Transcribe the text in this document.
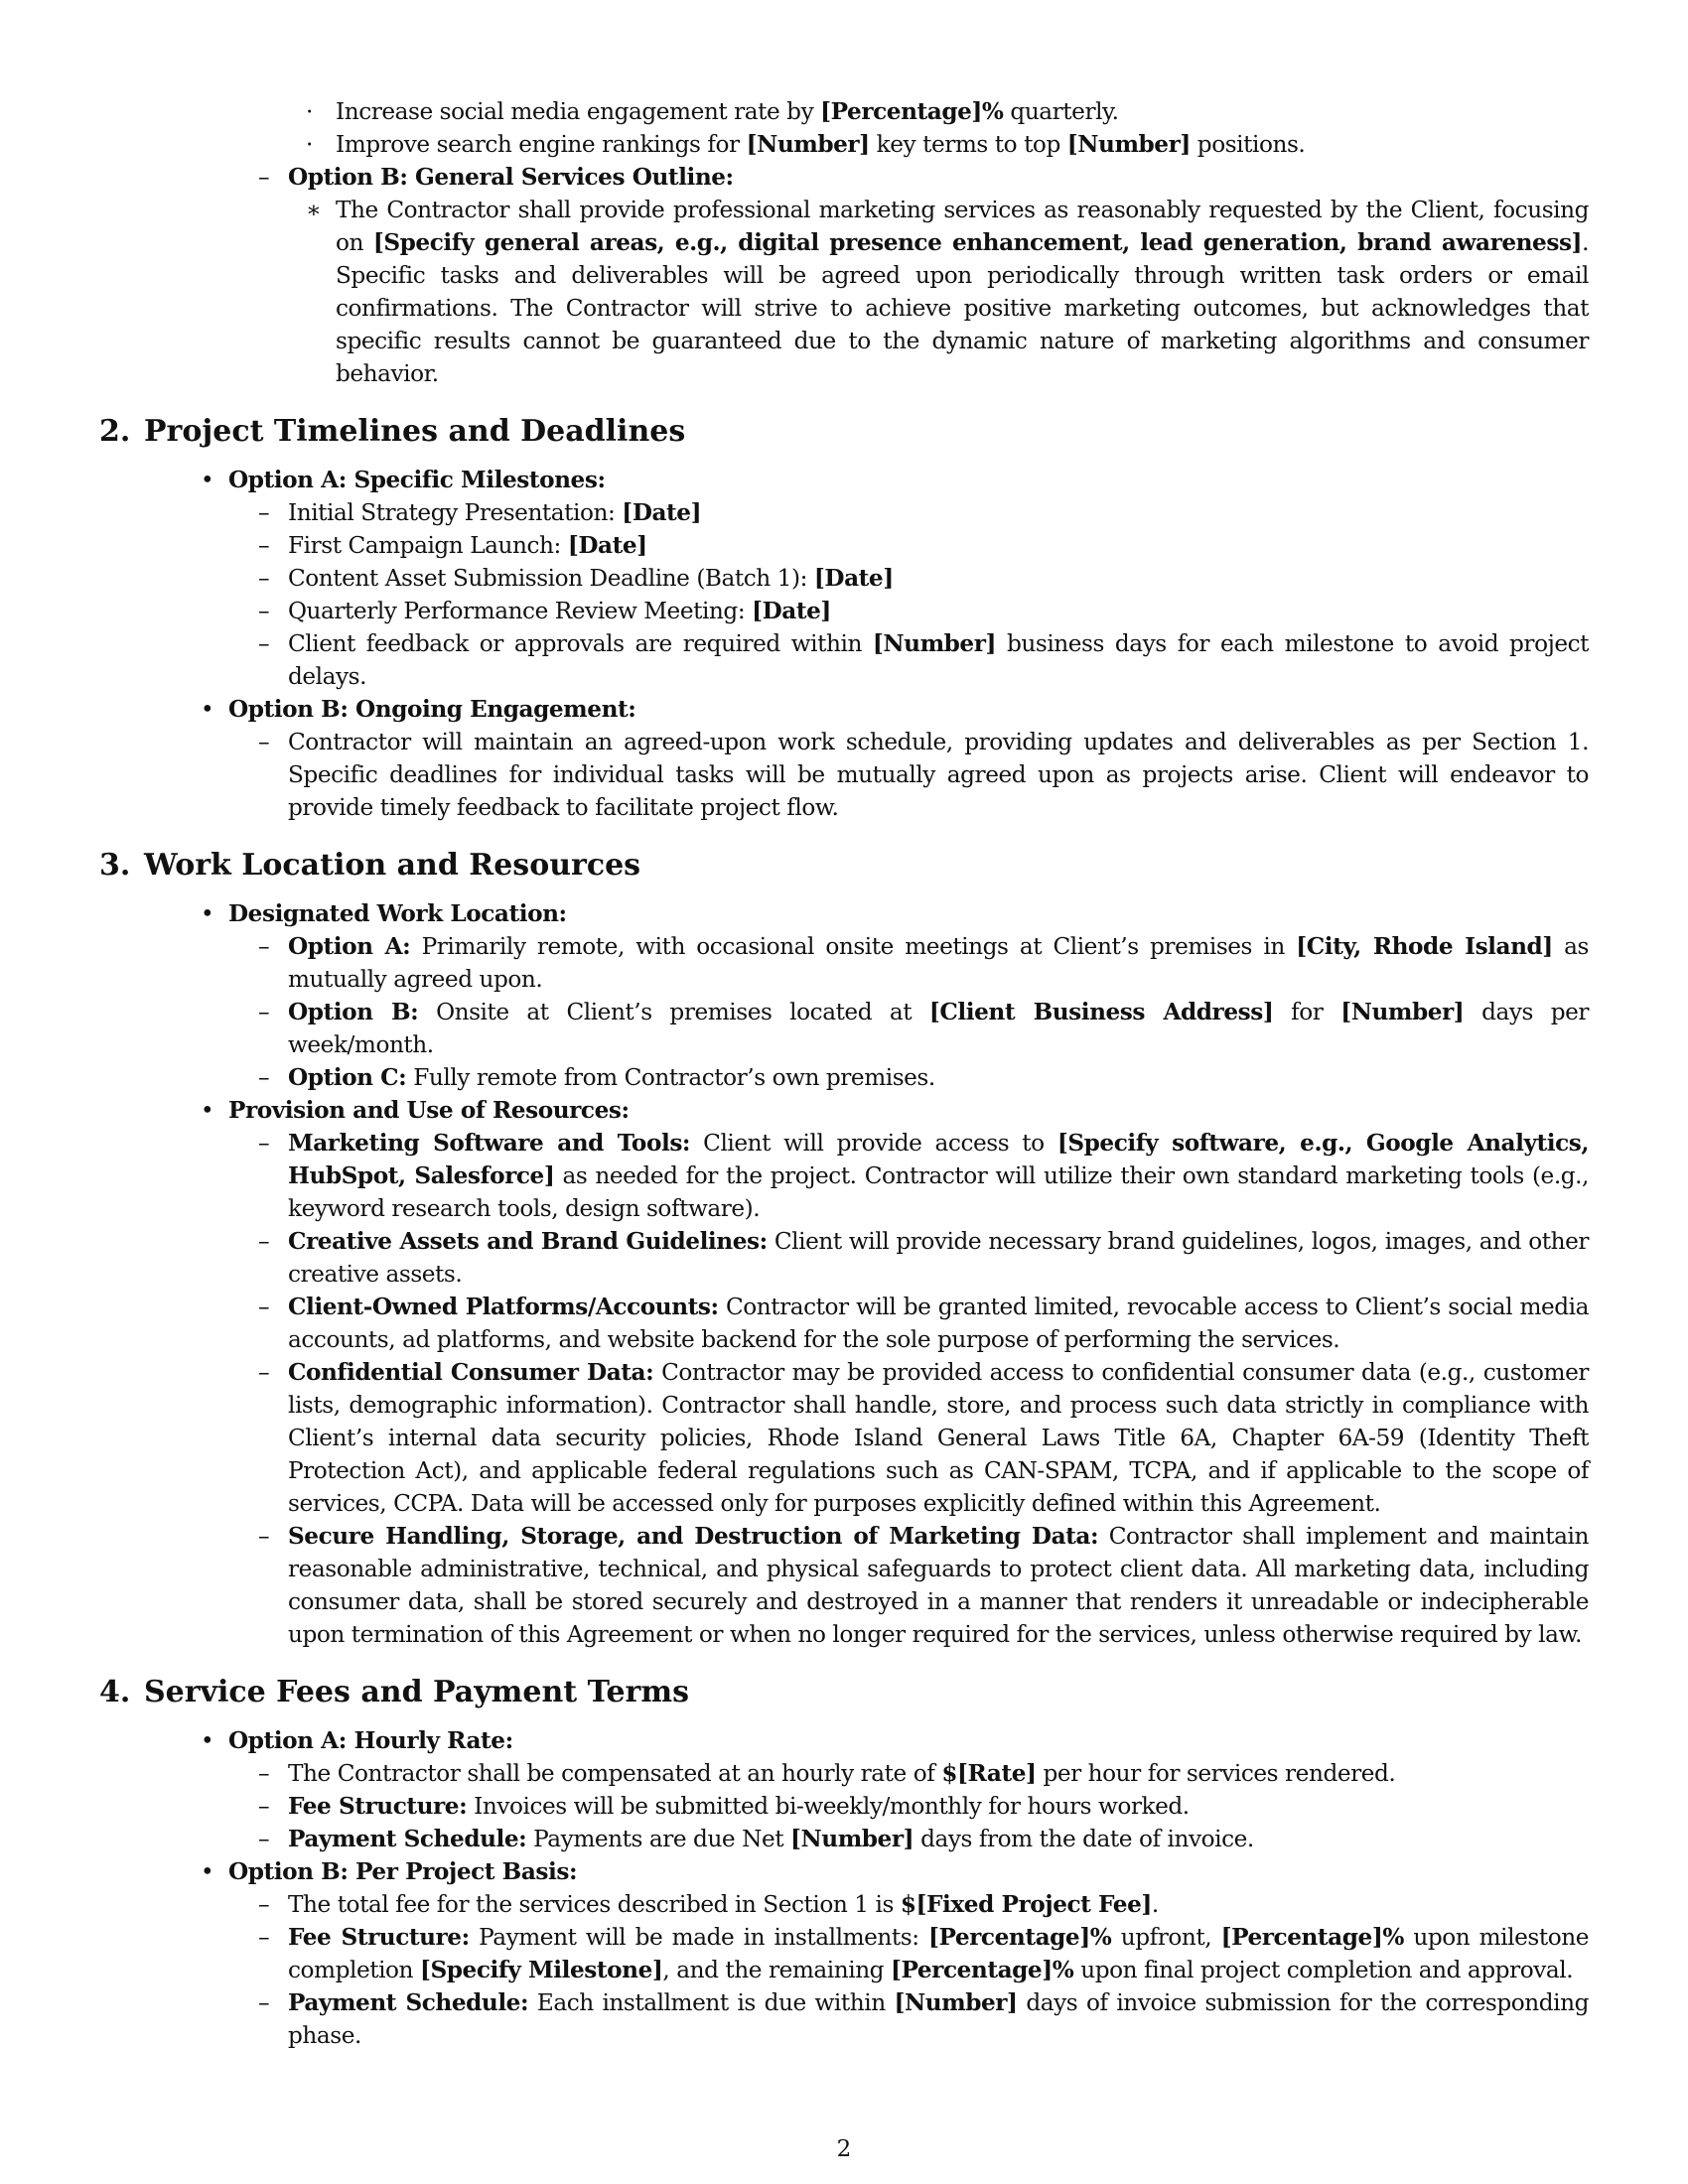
· Increase social media engagement rate by [Percentage]% quarterly.
· Improve search engine rankings for [Number] key terms to top [Number] positions.
– Option B: General Services Outline:
∗ The Contractor shall provide professional marketing services as reasonably requested by the Client, focusing on [Specify general areas, e.g., digital presence enhancement, lead generation, brand awareness]. Specific tasks and deliverables will be agreed upon periodically through written task orders or email confirmations. The Contractor will strive to achieve positive marketing outcomes, but acknowledges that specific results cannot be guaranteed due to the dynamic nature of marketing algorithms and consumer behavior.
2. Project Timelines and Deadlines
• Option A: Specific Milestones:
– Initial Strategy Presentation: [Date]
– First Campaign Launch: [Date]
– Content Asset Submission Deadline (Batch 1): [Date]
– Quarterly Performance Review Meeting: [Date]
– Client feedback or approvals are required within [Number] business days for each milestone to avoid project delays.
• Option B: Ongoing Engagement:
– Contractor will maintain an agreed-upon work schedule, providing updates and deliverables as per Section 1. Specific deadlines for individual tasks will be mutually agreed upon as projects arise. Client will endeavor to provide timely feedback to facilitate project flow.
3. Work Location and Resources
• Designated Work Location:
– Option A: Primarily remote, with occasional onsite meetings at Client’s premises in [City, Rhode Island] as mutually agreed upon.
– Option B: Onsite at Client’s premises located at [Client Business Address] for [Number] days per week/month.
– Option C: Fully remote from Contractor’s own premises.
• Provision and Use of Resources:
– Marketing Software and Tools: Client will provide access to [Specify software, e.g., Google Analytics, HubSpot, Salesforce] as needed for the project. Contractor will utilize their own standard marketing tools (e.g., keyword research tools, design software).
– Creative Assets and Brand Guidelines: Client will provide necessary brand guidelines, logos, images, and other creative assets.
– Client-Owned Platforms/Accounts: Contractor will be granted limited, revocable access to Client’s social media accounts, ad platforms, and website backend for the sole purpose of performing the services.
– Confidential Consumer Data: Contractor may be provided access to confidential consumer data (e.g., customer lists, demographic information). Contractor shall handle, store, and process such data strictly in compliance with Client’s internal data security policies, Rhode Island General Laws Title 6A, Chapter 6A-59 (Identity Theft Protection Act), and applicable federal regulations such as CAN-SPAM, TCPA, and if applicable to the scope of services, CCPA. Data will be accessed only for purposes explicitly defined within this Agreement.
– Secure Handling, Storage, and Destruction of Marketing Data: Contractor shall implement and maintain reasonable administrative, technical, and physical safeguards to protect client data. All marketing data, including consumer data, shall be stored securely and destroyed in a manner that renders it unreadable or indecipherable upon termination of this Agreement or when no longer required for the services, unless otherwise required by law.
4. Service Fees and Payment Terms
• Option A: Hourly Rate:
– The Contractor shall be compensated at an hourly rate of $[Rate] per hour for services rendered.
– Fee Structure: Invoices will be submitted bi-weekly/monthly for hours worked.
– Payment Schedule: Payments are due Net [Number] days from the date of invoice.
• Option B: Per Project Basis:
– The total fee for the services described in Section 1 is $[Fixed Project Fee].
– Fee Structure: Payment will be made in installments: [Percentage]% upfront, [Percentage]% upon milestone completion [Specify Milestone], and the remaining [Percentage]% upon final project completion and approval.
– Payment Schedule: Each installment is due within [Number] days of invoice submission for the corresponding phase.
2
